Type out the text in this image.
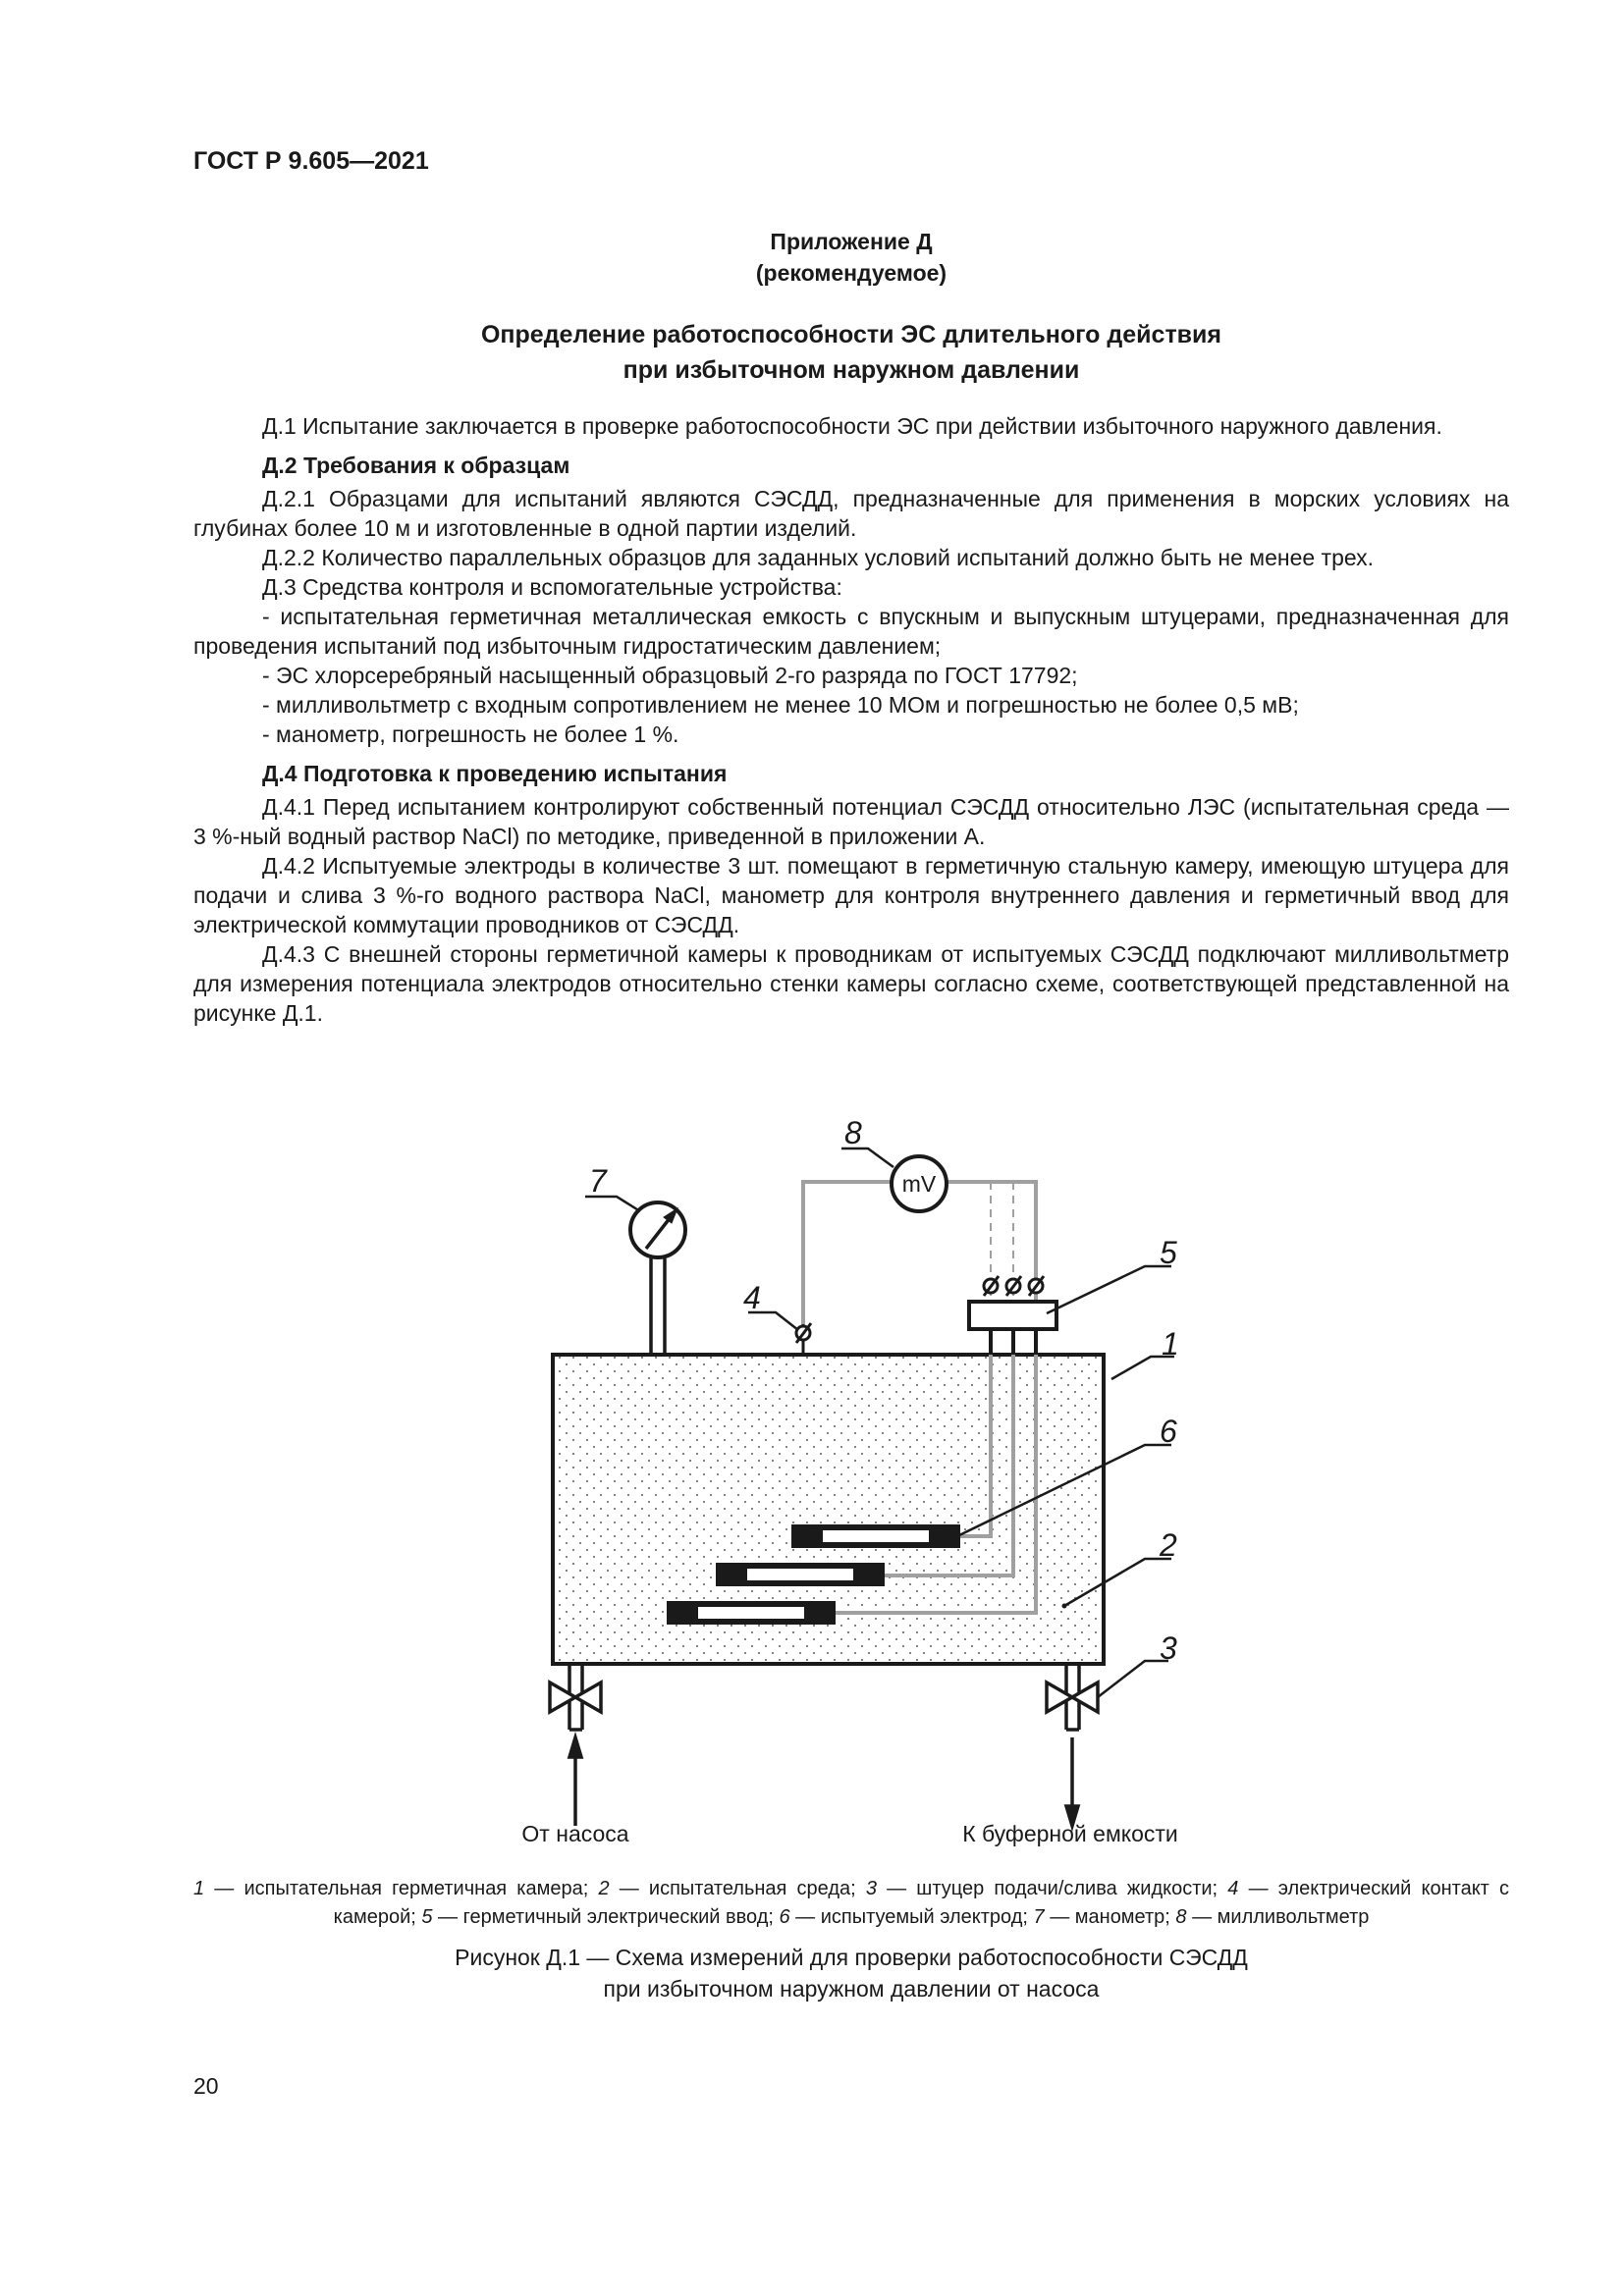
ГОСТ Р 9.605—2021
Приложение Д
(рекомендуемое)
Определение работоспособности ЭС длительного действия
при избыточном наружном давлении

Д.1 Испытание заключается в проверке работоспособности ЭС при действии избыточного наружного давления.

Д.2 Требования к образцам

Д.2.1 Образцами для испытаний являются СЭСДД, предназначенные для применения в морских условиях на глубинах более 10 м и изготовленные в одной партии изделий.

Д.2.2 Количество параллельных образцов для заданных условий испытаний должно быть не менее трех.

Д.3 Средства контроля и вспомогательные устройства:

- испытательная герметичная металлическая емкость с впускным и выпускным штуцерами, предназначенная для проведения испытаний под избыточным гидростатическим давлением;

- ЭС хлорсеребряный насыщенный образцовый 2-го разряда по ГОСТ 17792;

- милливольтметр с входным сопротивлением не менее 10 МОм и погрешностью не более 0,5 мВ;

- манометр, погрешность не более 1 %.

Д.4 Подготовка к проведению испытания

Д.4.1 Перед испытанием контролируют собственный потенциал СЭСДД относительно ЛЭС (испытательная среда — 3 %-ный водный раствор NaCl) по методике, приведенной в приложении А.

Д.4.2 Испытуемые электроды в количестве 3 шт. помещают в герметичную стальную камеру, имеющую штуцера для подачи и слива 3 %-го водного раствора NaCl, манометр для контроля внутреннего давления и герметичный ввод для электрической коммутации проводников от СЭСДД.

Д.4.3 С внешней стороны герметичной камеры к проводникам от испытуемых СЭСДД подключают милливольтметр для измерения потенциала электродов относительно стенки камеры согласно схеме, соответствующей представленной на рисунке Д.1.

mV
1
2
3
4
5
6
7
8
От насоса	К буферной емкости
1 — испытательная герметичная камера; 2 — испытательная среда; 3 — штуцер подачи/слива жидкости; 4 — электрический контакт с камерой; 5 — герметичный электрический ввод; 6 — испытуемый электрод; 7 — манометр; 8 — милливольтметр
Рисунок Д.1 — Схема измерений для проверки работоспособности СЭСДД
при избыточном наружном давлении от насоса
20
